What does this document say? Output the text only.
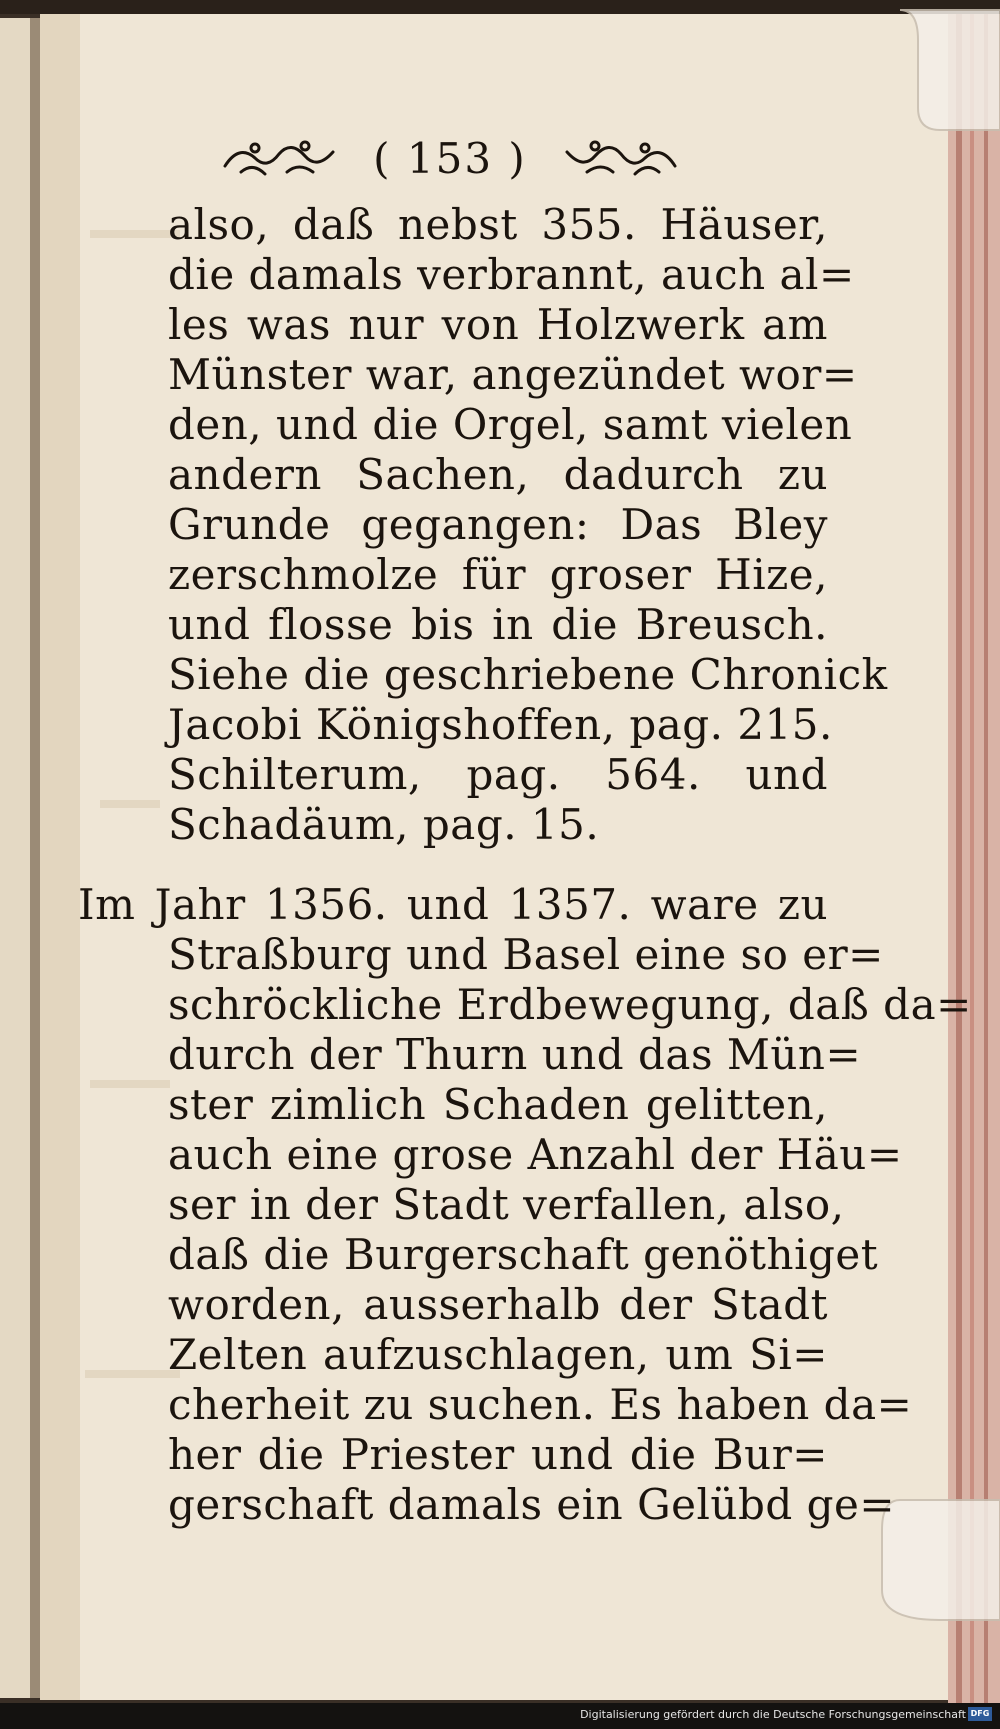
( 153 )
also, daß nebst 355. Häuser,
die damals verbrannt, auch al=
les was nur von Holzwerk am
Münster war, angezündet wor=
den, und die Orgel, samt vielen
andern Sachen, dadurch zu
Grunde gegangen: Das Bley
zerschmolze für groser Hize,
und flosse bis in die Breusch.
Siehe die geschriebene Chronick
Jacobi Königshoffen, pag. 215.
Schilterum, pag. 564. und
Schadäum, pag. 15.
Im Jahr 1356. und 1357. ware zu
Straßburg und Basel eine so er=
schröckliche Erdbewegung, daß da=
durch der Thurn und das Mün=
ster zimlich Schaden gelitten,
auch eine grose Anzahl der Häu=
ser in der Stadt verfallen, also,
daß die Burgerschaft genöthiget
worden, ausserhalb der Stadt
Zelten aufzuschlagen, um Si=
cherheit zu suchen. Es haben da=
her die Priester und die Bur=
gerschaft damals ein Gelübd ge=
Digitalisierung gefördert durch die Deutsche Forschungsgemeinschaft DFG
